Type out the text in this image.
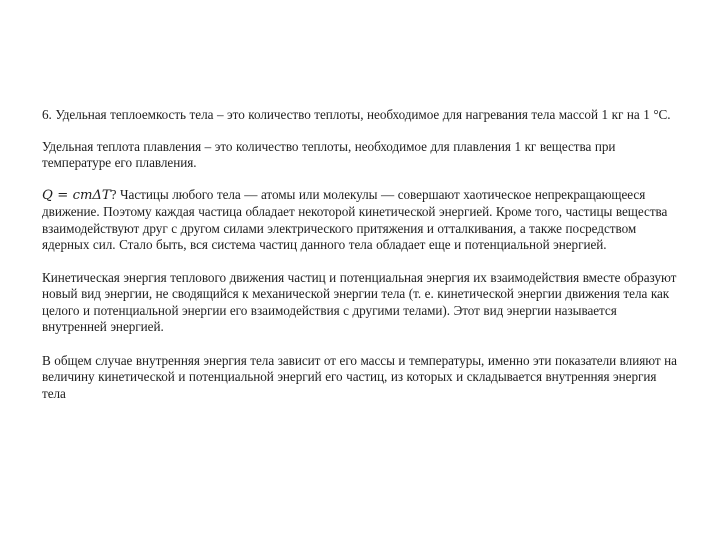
6. Удельная теплоемкость тела – это количество теплоты, необходимое для нагревания тела массой 1 кг на 1 °С.

Удельная теплота плавления – это количество теплоты, необходимое для плавления 1 кг вещества при температуре его плавления.

Q = cmΔT? Частицы любого тела — атомы или молекулы — совершают хаотическое непрекращающееся движение. Поэтому каждая частица обладает некоторой кинетической энергией. Кроме того, частицы вещества взаимодействуют друг с другом силами электрического притяжения и отталкивания, а также посредством ядерных сил. Стало быть, вся система частиц данного тела обладает еще и потенциальной энергией.

Кинетическая энергия теплового движения частиц и потенциальная энергия их взаимодействия вместе образуют новый вид энергии, не сводящийся к механической энергии тела (т. е. кинетической энергии движения тела как целого и потенциальной энергии его взаимодействия с другими телами). Этот вид энергии называется внутренней энергией.

В общем случае внутренняя энергия тела зависит от его массы и температуры, именно эти показатели влияют на величину кинетической и потенциальной энергий его частиц, из которых и складывается внутренняя энергия тела
